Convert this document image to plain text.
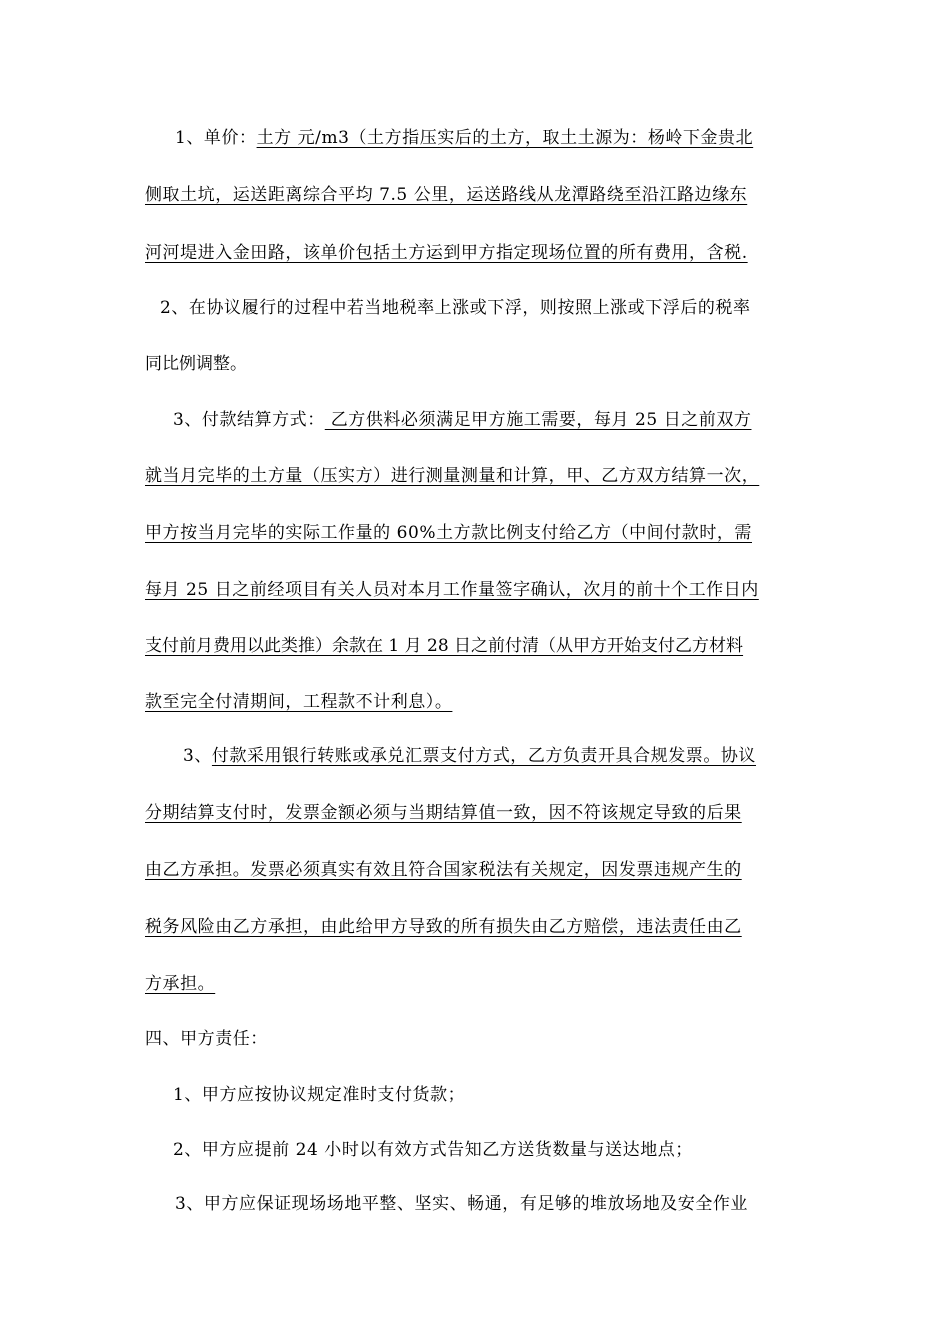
1、单价：土方 元/m3（土方指压实后的土方，取土土源为：杨岭下金贵北
侧取土坑，运送距离综合平均 7.5 公里，运送路线从龙潭路绕至沿江路边缘东
河河堤进入金田路，该单价包括土方运到甲方指定现场位置的所有费用，含税.
2、在协议履行的过程中若当地税率上涨或下浮，则按照上涨或下浮后的税率
同比例调整。
3、付款结算方式： 乙方供料必须满足甲方施工需要，每月 25 日之前双方
就当月完毕的土方量（压实方）进行测量测量和计算，甲、乙方双方结算一次，
甲方按当月完毕的实际工作量的 60%土方款比例支付给乙方（中间付款时，需
每月 25 日之前经项目有关人员对本月工作量签字确认，次月的前十个工作日内
支付前月费用以此类推）余款在 1 月 28 日之前付清（从甲方开始支付乙方材料
款至完全付清期间，工程款不计利息）。
3、付款采用银行转账或承兑汇票支付方式，乙方负责开具合规发票。协议
分期结算支付时，发票金额必须与当期结算值一致，因不符该规定导致的后果
由乙方承担。发票必须真实有效且符合国家税法有关规定，因发票违规产生的
税务风险由乙方承担，由此给甲方导致的所有损失由乙方赔偿，违法责任由乙
方承担。
四、甲方责任：
1、甲方应按协议规定准时支付货款；
2、甲方应提前 24 小时以有效方式告知乙方送货数量与送达地点；
3、甲方应保证现场场地平整、坚实、畅通，有足够的堆放场地及安全作业
